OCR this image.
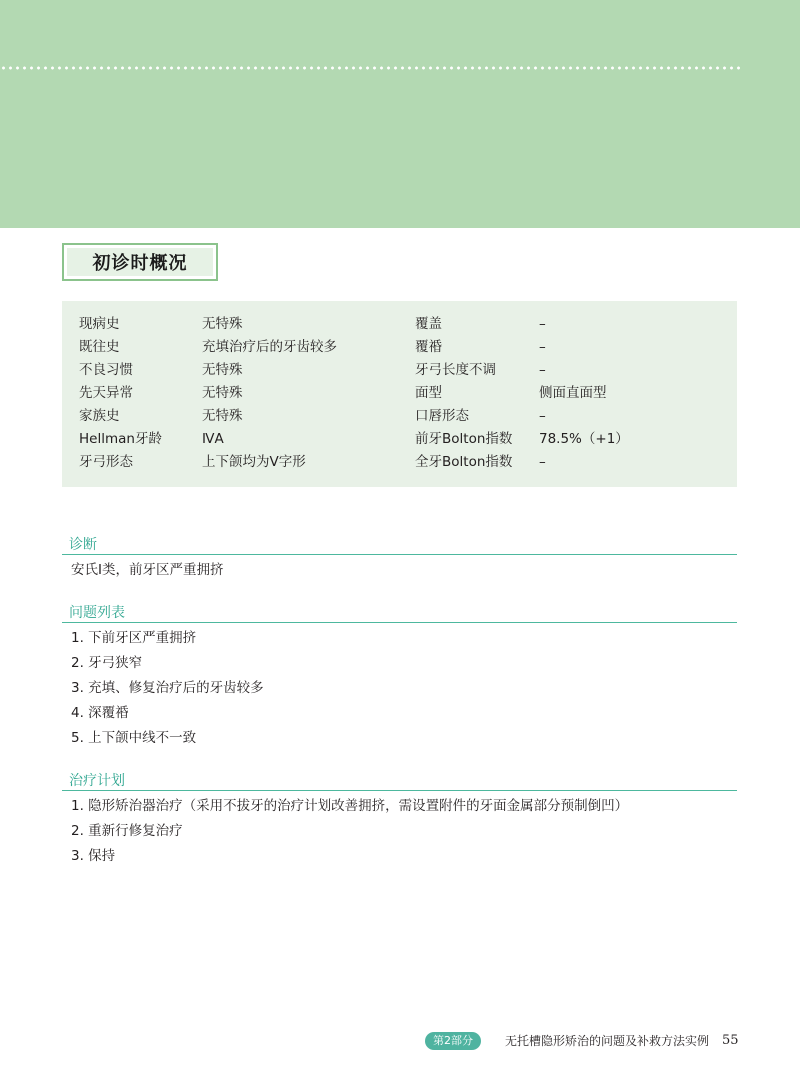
初诊时概况
现病史	无特殊	覆盖	–
既往史	充填治疗后的牙齿较多	覆䄑	–
不良习惯	无特殊	牙弓长度不调	–
先天异常	无特殊	面型	侧面直面型
家族史	无特殊	口唇形态	–
Hellman牙龄	ⅣA	前牙Bolton指数 78.5%（+1）
牙弓形态	上下颌均为V字形	全牙Bolton指数 –
诊断
安氏Ⅰ类，前牙区严重拥挤
问题列表
1. 下前牙区严重拥挤
2. 牙弓狭窄
3. 充填、修复治疗后的牙齿较多
4. 深覆䄑
5. 上下颌中线不一致
治疗计划
1. 隐形矫治器治疗（采用不拔牙的治疗计划改善拥挤，需设置附件的牙面金属部分预制倒凹）
2. 重新行修复治疗
3. 保持
第2部分	无托槽隐形矫治的问题及补救方法实例 55
